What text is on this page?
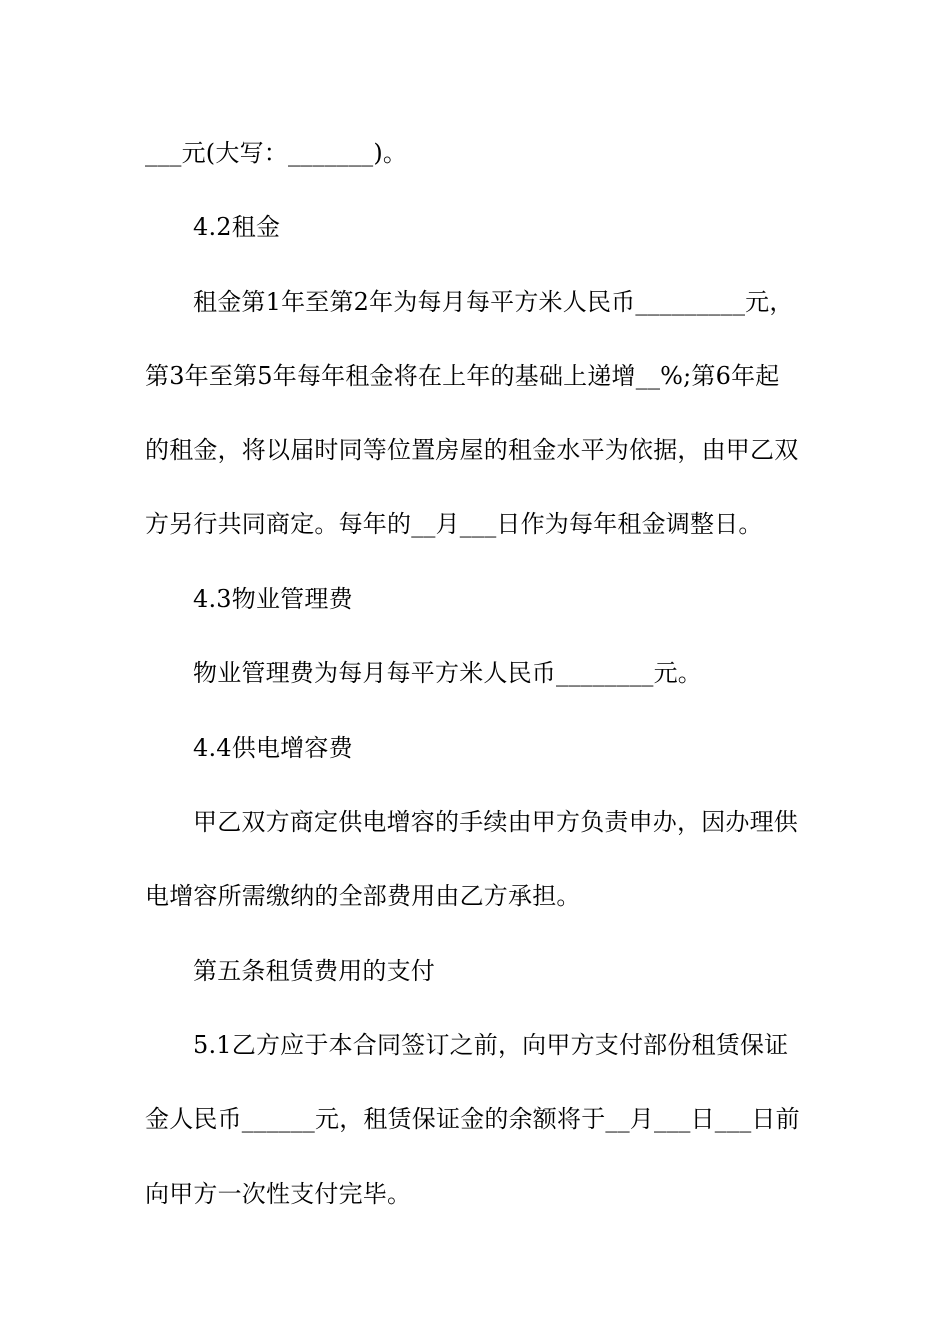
___元(大写：_______)。
4.2租金
租金第1年至第2年为每月每平方米人民币_________元，
第3年至第5年每年租金将在上年的基础上递增__%;第6年起
的租金，将以届时同等位置房屋的租金水平为依据，由甲乙双
方另行共同商定。每年的__月___日作为每年租金调整日。
4.3物业管理费
物业管理费为每月每平方米人民币________元。
4.4供电增容费
甲乙双方商定供电增容的手续由甲方负责申办，因办理供
电增容所需缴纳的全部费用由乙方承担。
第五条租赁费用的支付
5.1乙方应于本合同签订之前，向甲方支付部份租赁保证
金人民币______元，租赁保证金的余额将于__月___日___日前
向甲方一次性支付完毕。
